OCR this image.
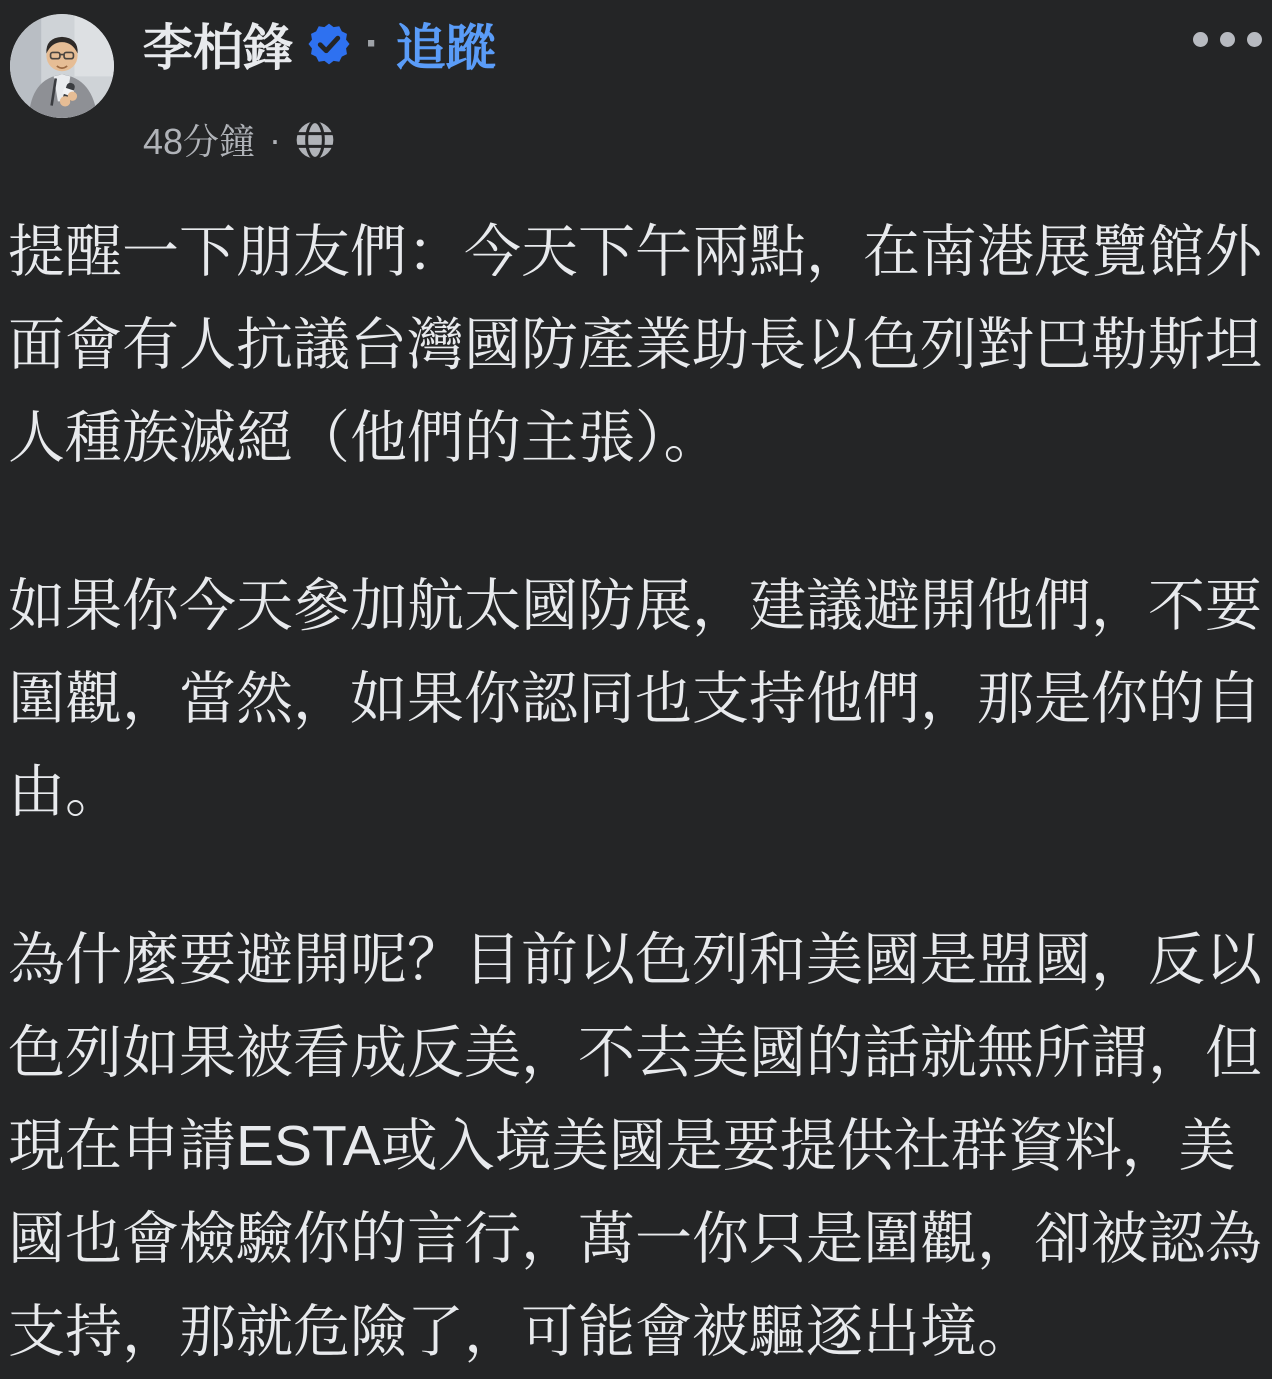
李柏鋒 · 追蹤
48分鐘 ·

提醒一下朋友們：今天下午兩點，在南港展覽館外面會有人抗議台灣國防產業助長以色列對巴勒斯坦人種族滅絕（他們的主張）。

如果你今天參加航太國防展，建議避開他們，不要圍觀，當然，如果你認同也支持他們，那是你的自由。

為什麼要避開呢？目前以色列和美國是盟國，反以色列如果被看成反美，不去美國的話就無所謂，但現在申請ESTA或入境美國是要提供社群資料，美國也會檢驗你的言行，萬一你只是圍觀，卻被認為支持，那就危險了，可能會被驅逐出境。
